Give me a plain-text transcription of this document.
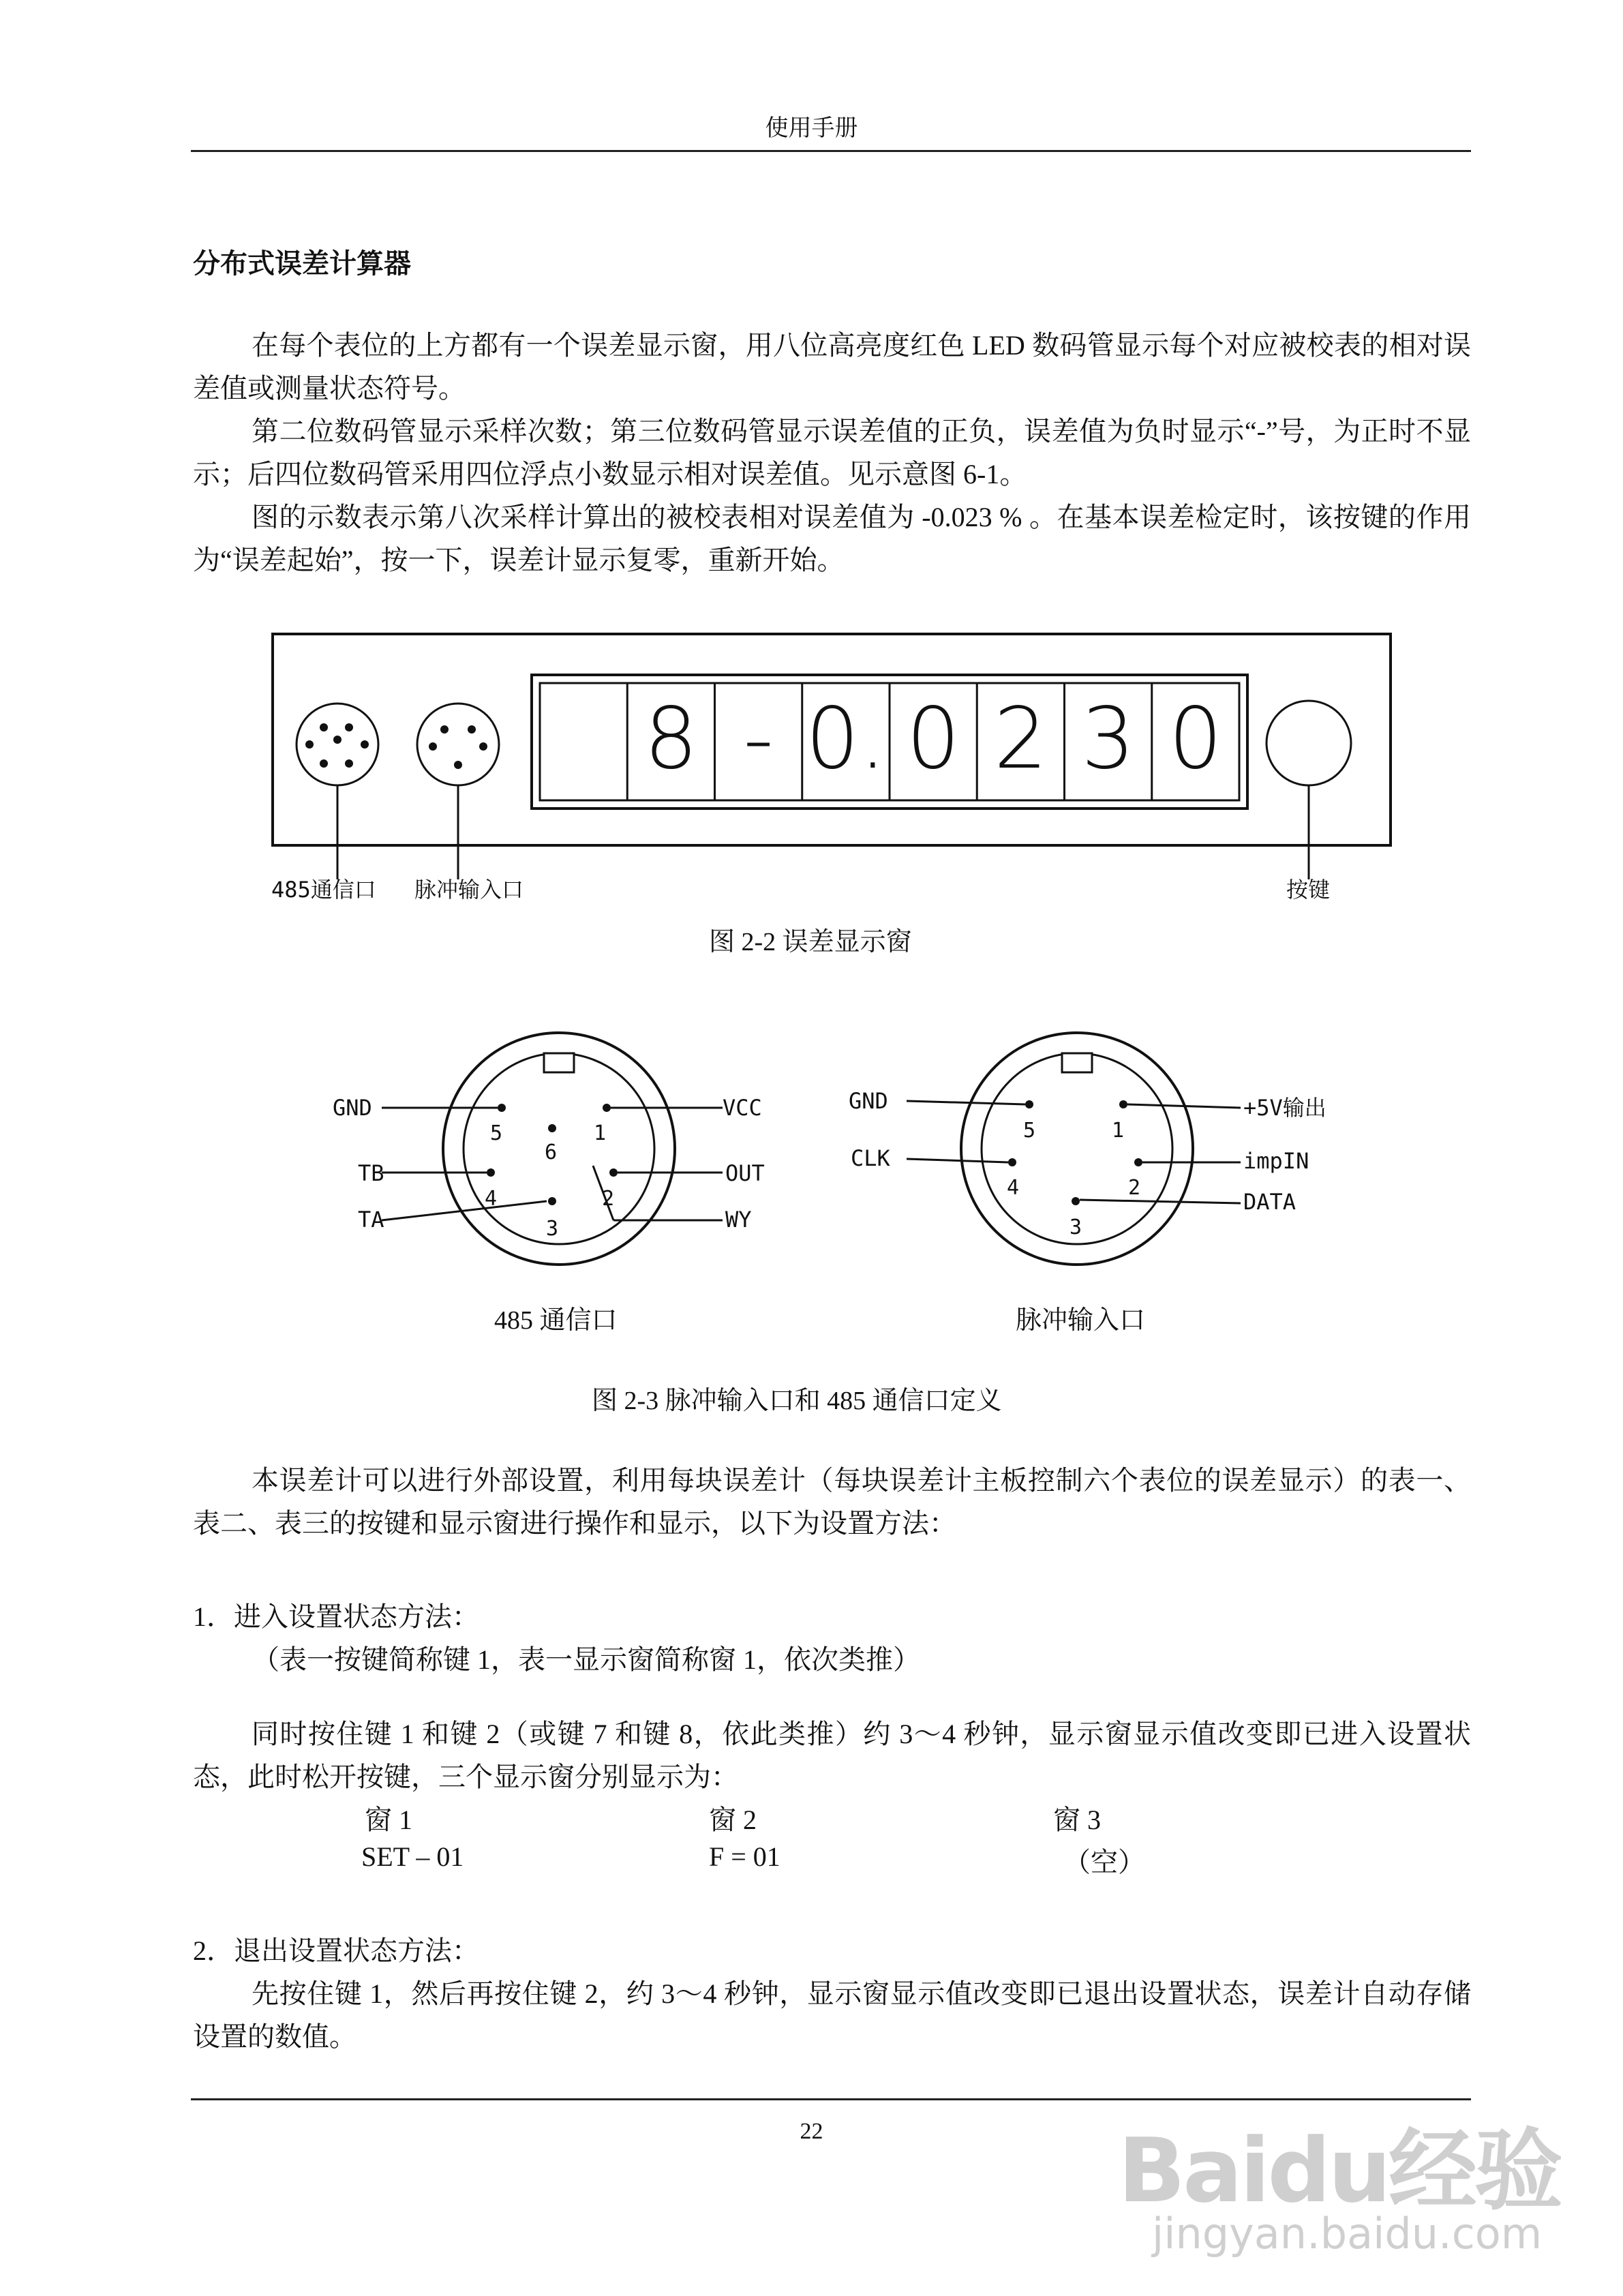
使用手册
分布式误差计算器
在每个表位的上方都有一个误差显示窗，用八位高亮度红色 LED 数码管显示每个对应被校表的相对误差值或测量状态符号。
第二位数码管显示采样次数；第三位数码管显示误差值的正负，误差值为负时显示“-”号，为正时不显示；后四位数码管采用四位浮点小数显示相对误差值。见示意图 6-1。
图的示数表示第八次采样计算出的被校表相对误差值为 -0.023 % 。在基本误差检定时，该按键的作用为“误差起始”，按一下，误差计显示复零，重新开始。
8 - 0. 0 2 3 0
485通信口 脉冲输入口	按键
图 2-2 误差显示窗
GND
TB
TA
VCC
OUT
WY
5	1
6
4	2
3
GND
CLK
+5V输出
impIN
DATA
5	1
4	2
3
485 通信口	脉冲输入口
图 2-3 脉冲输入口和 485 通信口定义
本误差计可以进行外部设置，利用每块误差计（每块误差计主板控制六个表位的误差显示）的表一、表二、表三的按键和显示窗进行操作和显示，以下为设置方法：
1．进入设置状态方法：
（表一按键简称键 1，表一显示窗简称窗 1，依次类推）
同时按住键 1 和键 2（或键 7 和键 8，依此类推）约 3～4 秒钟，显示窗显示值改变即已进入设置状态，此时松开按键，三个显示窗分别显示为：
窗 1	窗 2	窗 3
SET – 01	F = 01	（空）
2．退出设置状态方法：
先按住键 1，然后再按住键 2，约 3～4 秒钟，显示窗显示值改变即已退出设置状态，误差计自动存储设置的数值。
22	Baidu经验
jingyan.baidu.com
